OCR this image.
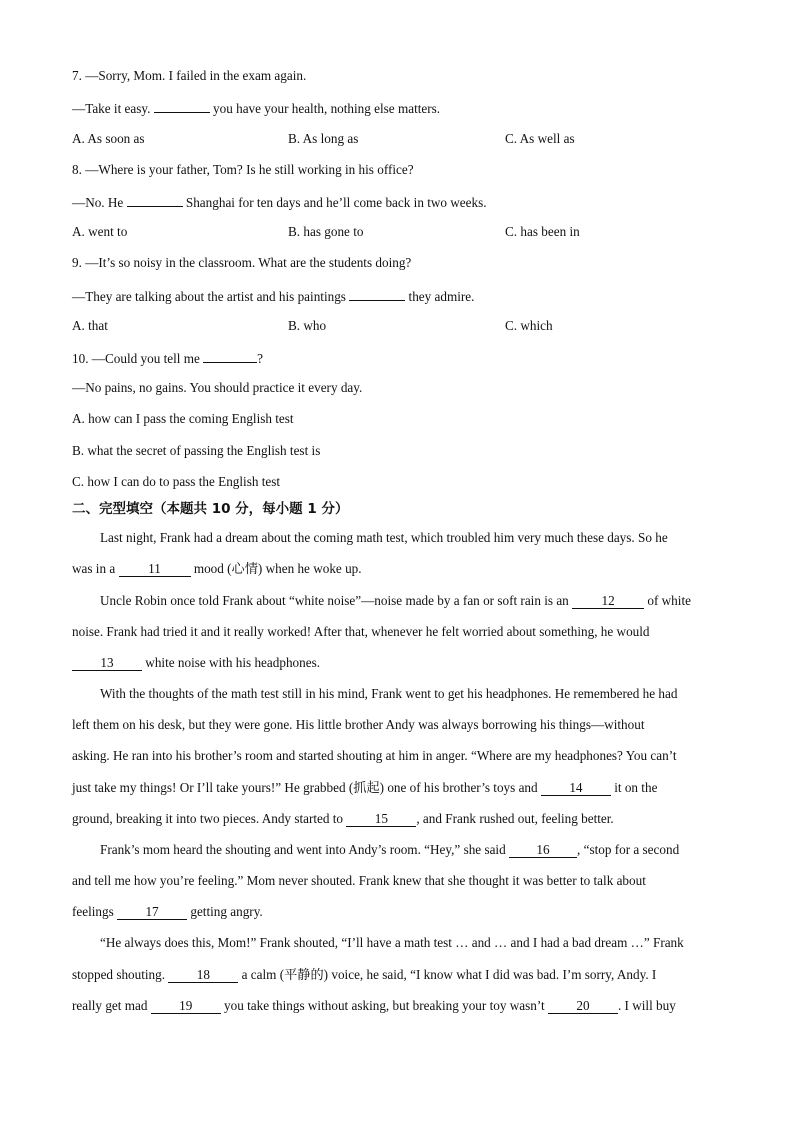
7. —Sorry, Mom. I failed in the exam again.
—Take it easy.	you have your health, nothing else matters.
A. As soon as	B. As long as	C. As well as
8. —Where is your father, Tom? Is he still working in his office?
—No. He	Shanghai for ten days and he’ll come back in two weeks.
A. went to	B. has gone to	C. has been in
9. —It’s so noisy in the classroom. What are the students doing?
—They are talking about the artist and his paintings	they admire.
A. that	B. who	C. which
10. —Could you tell me	?
—No pains, no gains. You should practice it every day.
A. how can I pass the coming English test
B. what the secret of passing the English test is
C. how I can do to pass the English test
二、完型填空（本题共 10 分，每小题 1 分）
Last night, Frank had a dream about the coming math test, which troubled him very much these days. So he
was in a 11 mood (心情) when he woke up.
Uncle Robin once told Frank about “white noise”—noise made by a fan or soft rain is an 12 of white
noise. Frank had tried it and it really worked! After that, whenever he felt worried about something, he would
13 white noise with his headphones.
With the thoughts of the math test still in his mind, Frank went to get his headphones. He remembered he had
left them on his desk, but they were gone. His little brother Andy was always borrowing his things—without
asking. He ran into his brother’s room and started shouting at him in anger. “Where are my headphones? You can’t
just take my things! Or I’ll take yours!” He grabbed (抓起) one of his brother’s toys and 14 it on the
ground, breaking it into two pieces. Andy started to 15 , and Frank rushed out, feeling better.
Frank’s mom heard the shouting and went into Andy’s room. “Hey,” she said 16 , “stop for a second
and tell me how you’re feeling.” Mom never shouted. Frank knew that she thought it was better to talk about
feelings 17 getting angry.
“He always does this, Mom!” Frank shouted, “I’ll have a math test … and … and I had a bad dream …” Frank
stopped shouting. 18 a calm (平静的) voice, he said, “I know what I did was bad. I’m sorry, Andy. I
really get mad 19 you take things without asking, but breaking your toy wasn’t 20 . I will buy
